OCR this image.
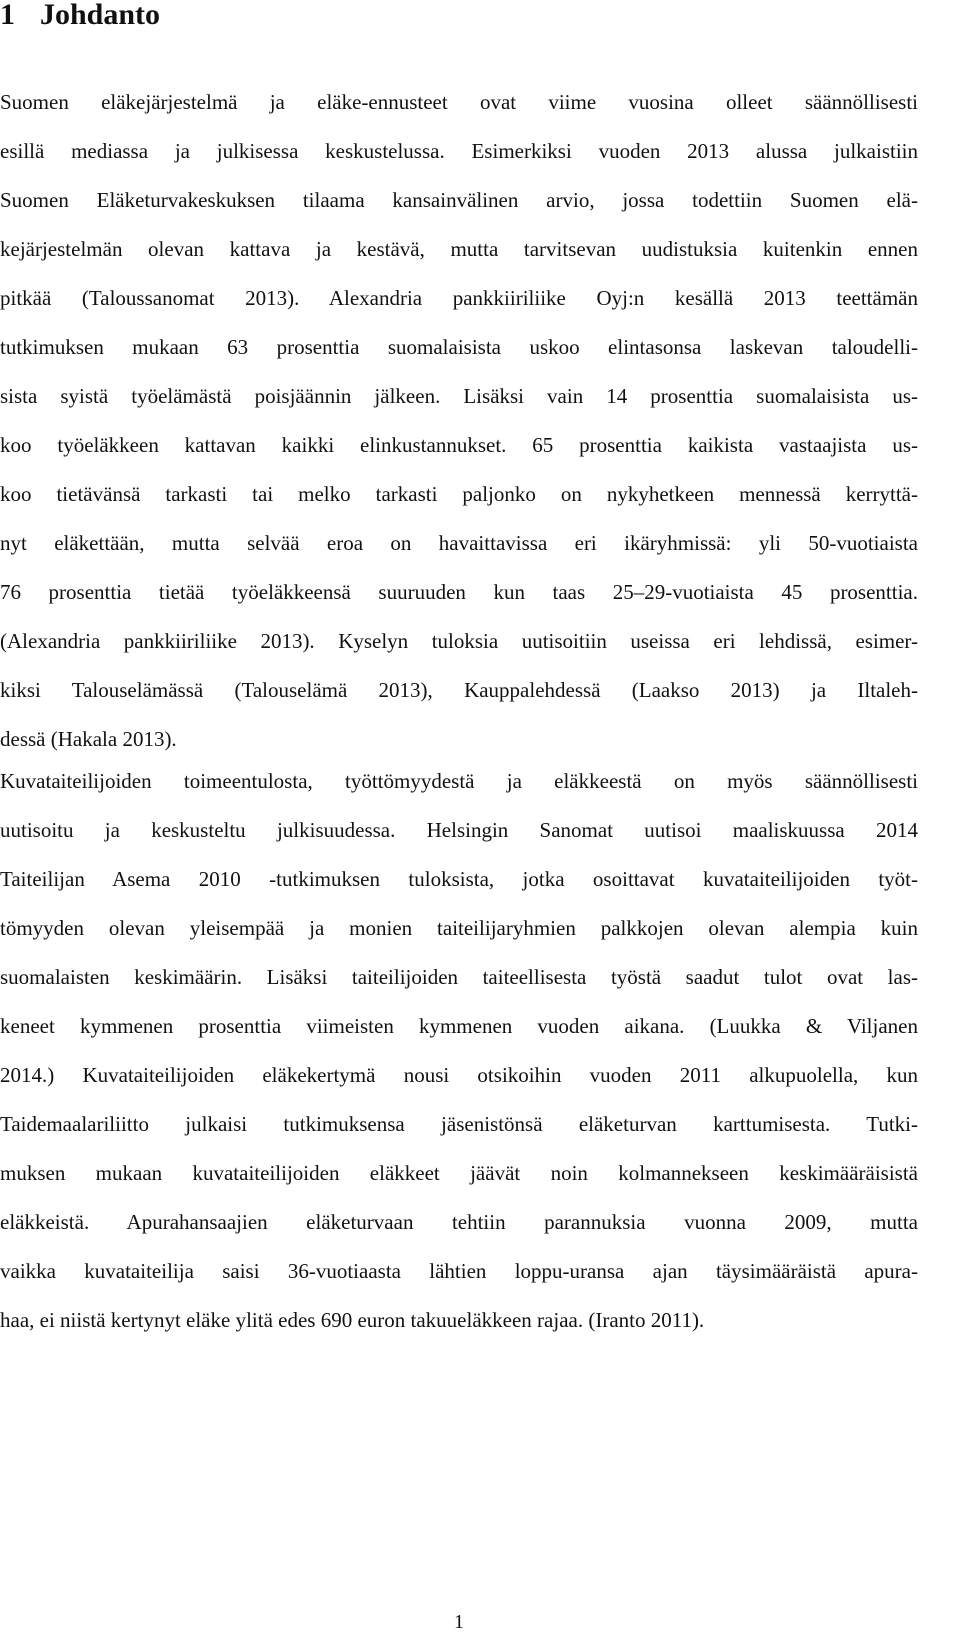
1 Johdanto
Suomen eläkejärjestelmä ja eläke-ennusteet ovat viime vuosina olleet säännöllisesti
esillä mediassa ja julkisessa keskustelussa. Esimerkiksi vuoden 2013 alussa julkaistiin
Suomen Eläketurvakeskuksen tilaama kansainvälinen arvio, jossa todettiin Suomen elä-
kejärjestelmän olevan kattava ja kestävä, mutta tarvitsevan uudistuksia kuitenkin ennen
pitkää (Taloussanomat 2013). Alexandria pankkiiriliike Oyj:n kesällä 2013 teettämän
tutkimuksen mukaan 63 prosenttia suomalaisista uskoo elintasonsa laskevan taloudelli-
sista syistä työelämästä poisjäännin jälkeen. Lisäksi vain 14 prosenttia suomalaisista us-
koo työeläkkeen kattavan kaikki elinkustannukset. 65 prosenttia kaikista vastaajista us-
koo tietävänsä tarkasti tai melko tarkasti paljonko on nykyhetkeen mennessä kerryttä-
nyt eläkettään, mutta selvää eroa on havaittavissa eri ikäryhmissä: yli 50-vuotiaista
76 prosenttia tietää työeläkkeensä suuruuden kun taas 25–29-vuotiaista 45 prosenttia.
(Alexandria pankkiiriliike 2013). Kyselyn tuloksia uutisoitiin useissa eri lehdissä, esimer-
kiksi Talouselämässä (Talouselämä 2013), Kauppalehdessä (Laakso 2013) ja Iltaleh-
dessä (Hakala 2013).
Kuvataiteilijoiden toimeentulosta, työttömyydestä ja eläkkeestä on myös säännöllisesti
uutisoitu ja keskusteltu julkisuudessa. Helsingin Sanomat uutisoi maaliskuussa 2014
Taiteilijan Asema 2010 -tutkimuksen tuloksista, jotka osoittavat kuvataiteilijoiden työt-
tömyyden olevan yleisempää ja monien taiteilijaryhmien palkkojen olevan alempia kuin
suomalaisten keskimäärin. Lisäksi taiteilijoiden taiteellisesta työstä saadut tulot ovat las-
keneet kymmenen prosenttia viimeisten kymmenen vuoden aikana. (Luukka & Viljanen
2014.) Kuvataiteilijoiden eläkekertymä nousi otsikoihin vuoden 2011 alkupuolella, kun
Taidemaalariliitto julkaisi tutkimuksensa jäsenistönsä eläketurvan karttumisesta. Tutki-
muksen mukaan kuvataiteilijoiden eläkkeet jäävät noin kolmannekseen keskimääräisistä
eläkkeistä. Apurahansaajien eläketurvaan tehtiin parannuksia vuonna 2009, mutta
vaikka kuvataiteilija saisi 36-vuotiaasta lähtien loppu-uransa ajan täysimääräistä apura-
haa, ei niistä kertynyt eläke ylitä edes 690 euron takuueläkkeen rajaa. (Iranto 2011).
1
